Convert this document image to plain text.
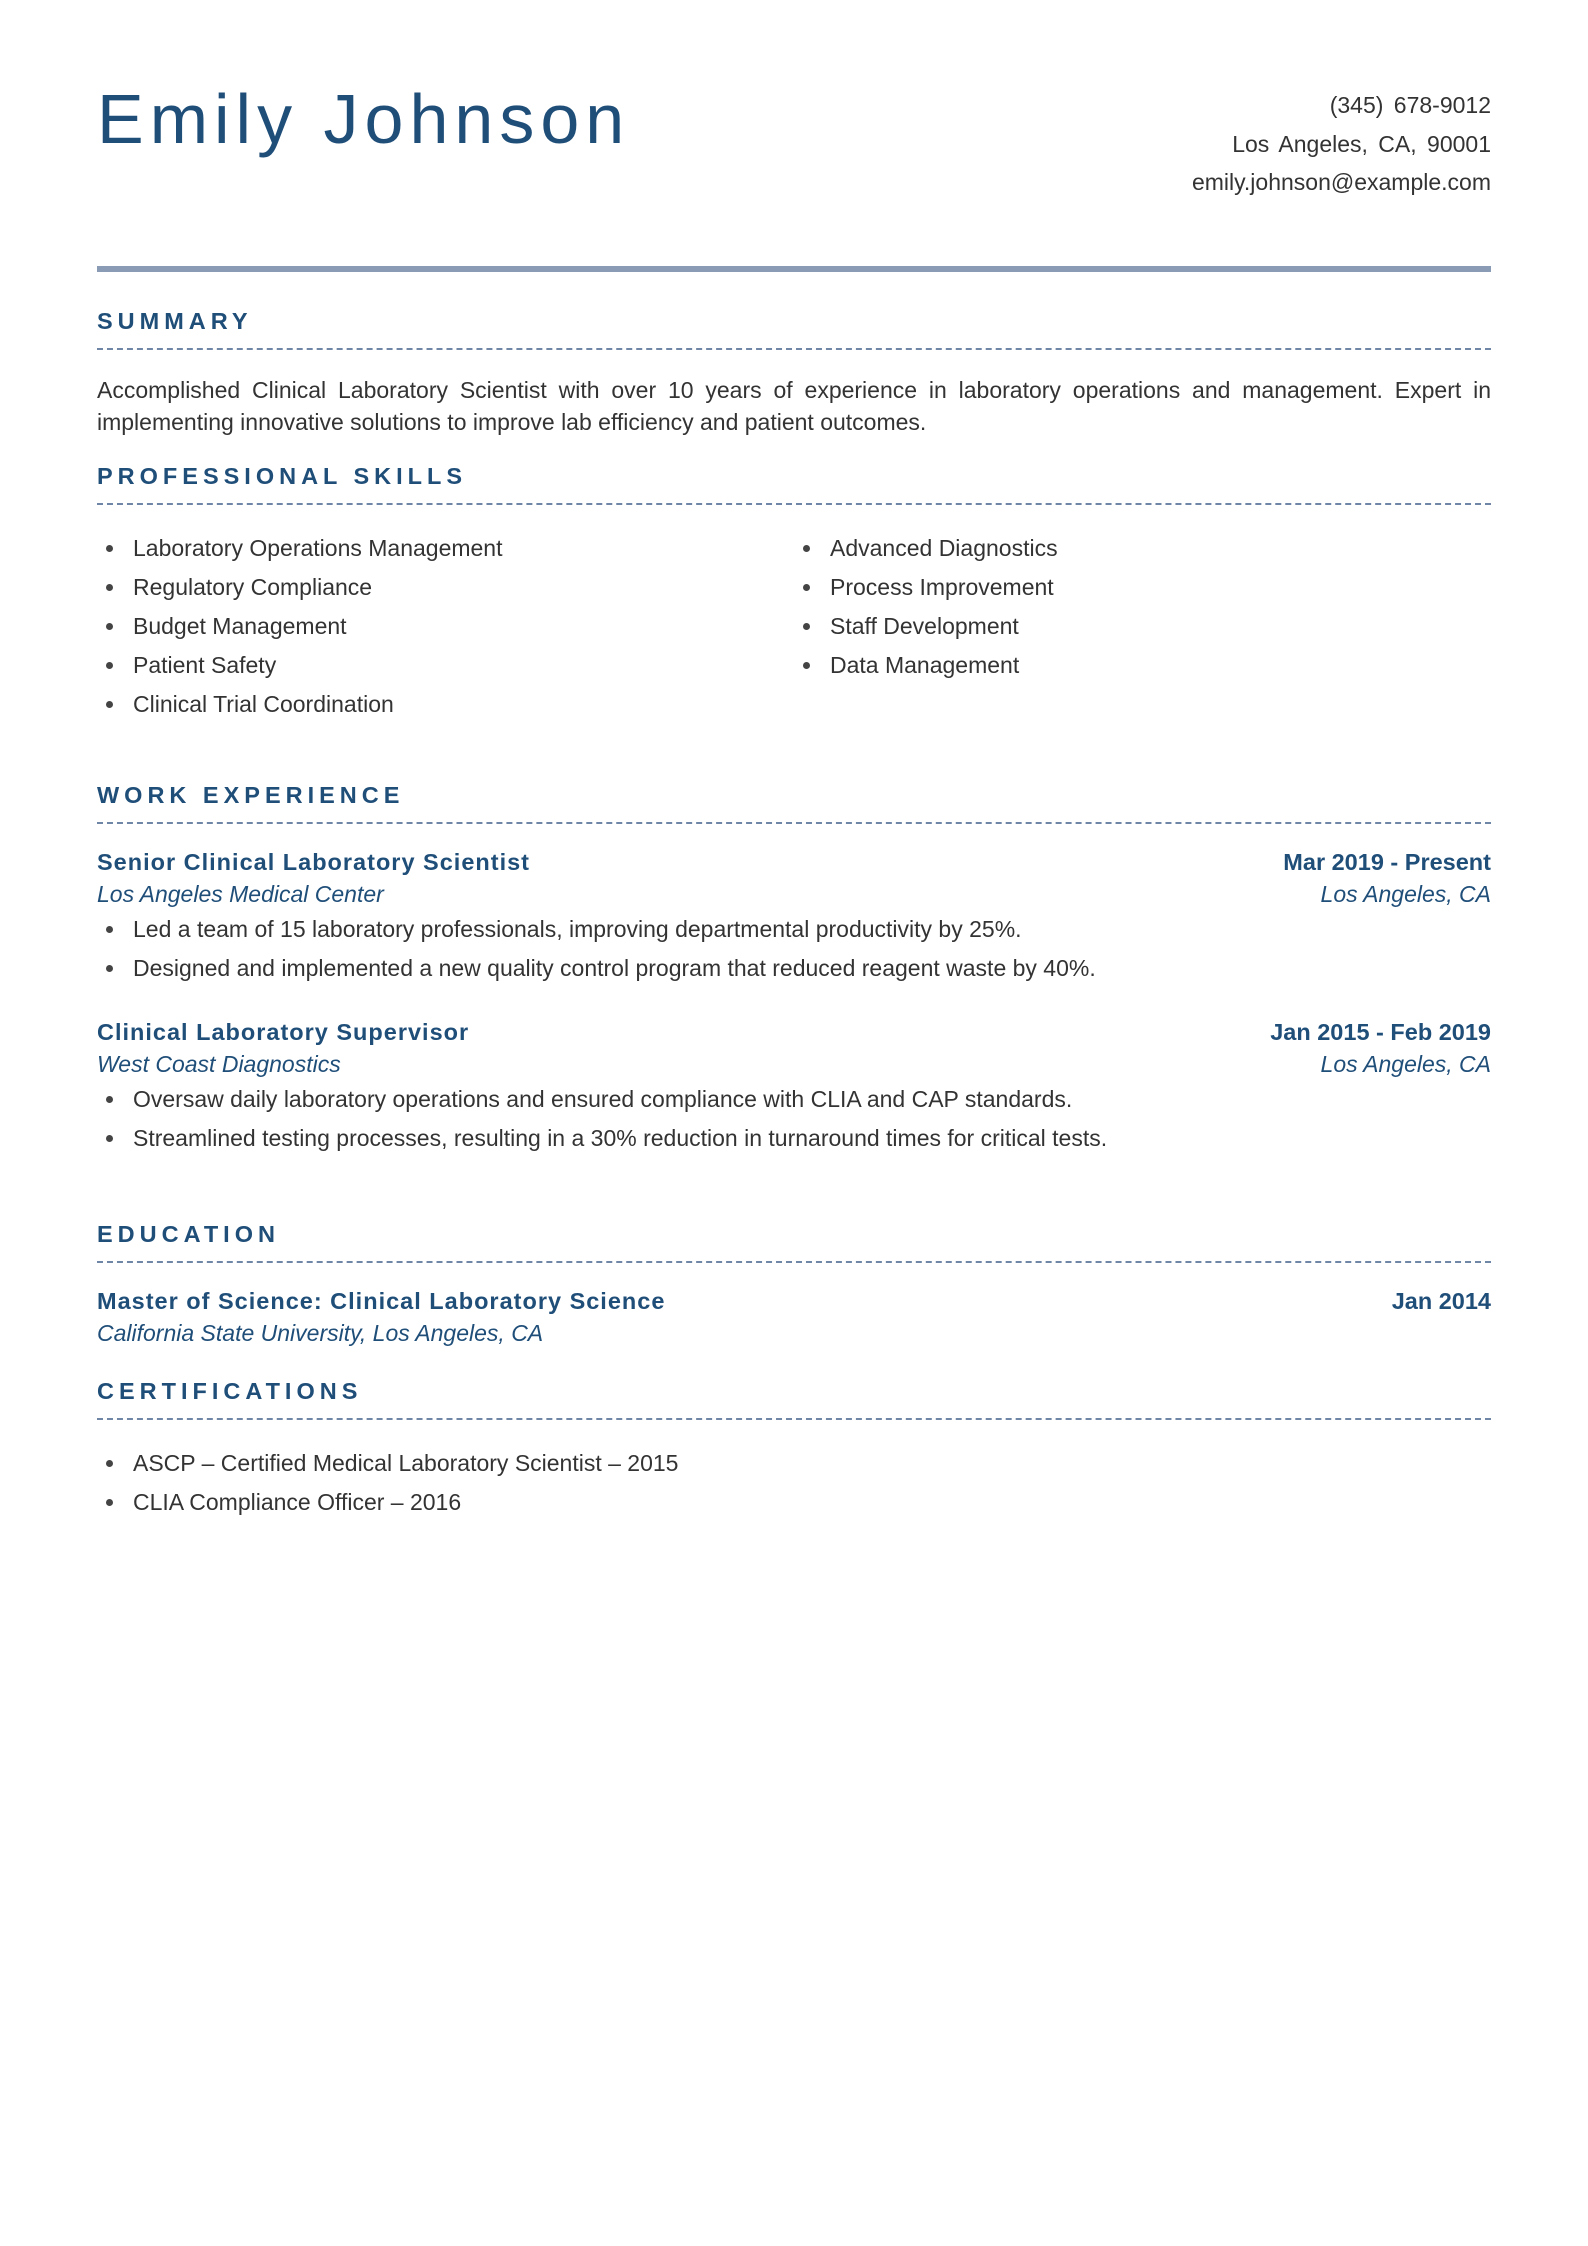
Emily Johnson	(345) 678-9012
Los Angeles, CA, 90001
emily.johnson@example.com
SUMMARY

Accomplished Clinical Laboratory Scientist with over 10 years of experience in laboratory operations and management. Expert in implementing innovative solutions to improve lab efficiency and patient outcomes.

PROFESSIONAL SKILLS
Laboratory Operations Management
Regulatory Compliance
Budget Management
Patient Safety
Clinical Trial Coordination
Advanced Diagnostics
Process Improvement
Staff Development
Data Management
WORK EXPERIENCE
Senior Clinical Laboratory Scientist	Mar 2019 - Present
Los Angeles Medical Center	Los Angeles, CA
Led a team of 15 laboratory professionals, improving departmental productivity by 25%.
Designed and implemented a new quality control program that reduced reagent waste by 40%.
Clinical Laboratory Supervisor	Jan 2015 - Feb 2019
West Coast Diagnostics	Los Angeles, CA
Oversaw daily laboratory operations and ensured compliance with CLIA and CAP standards.
Streamlined testing processes, resulting in a 30% reduction in turnaround times for critical tests.
EDUCATION
Master of Science: Clinical Laboratory Science	Jan 2014
California State University, Los Angeles, CA
CERTIFICATIONS
ASCP – Certified Medical Laboratory Scientist – 2015
CLIA Compliance Officer – 2016
